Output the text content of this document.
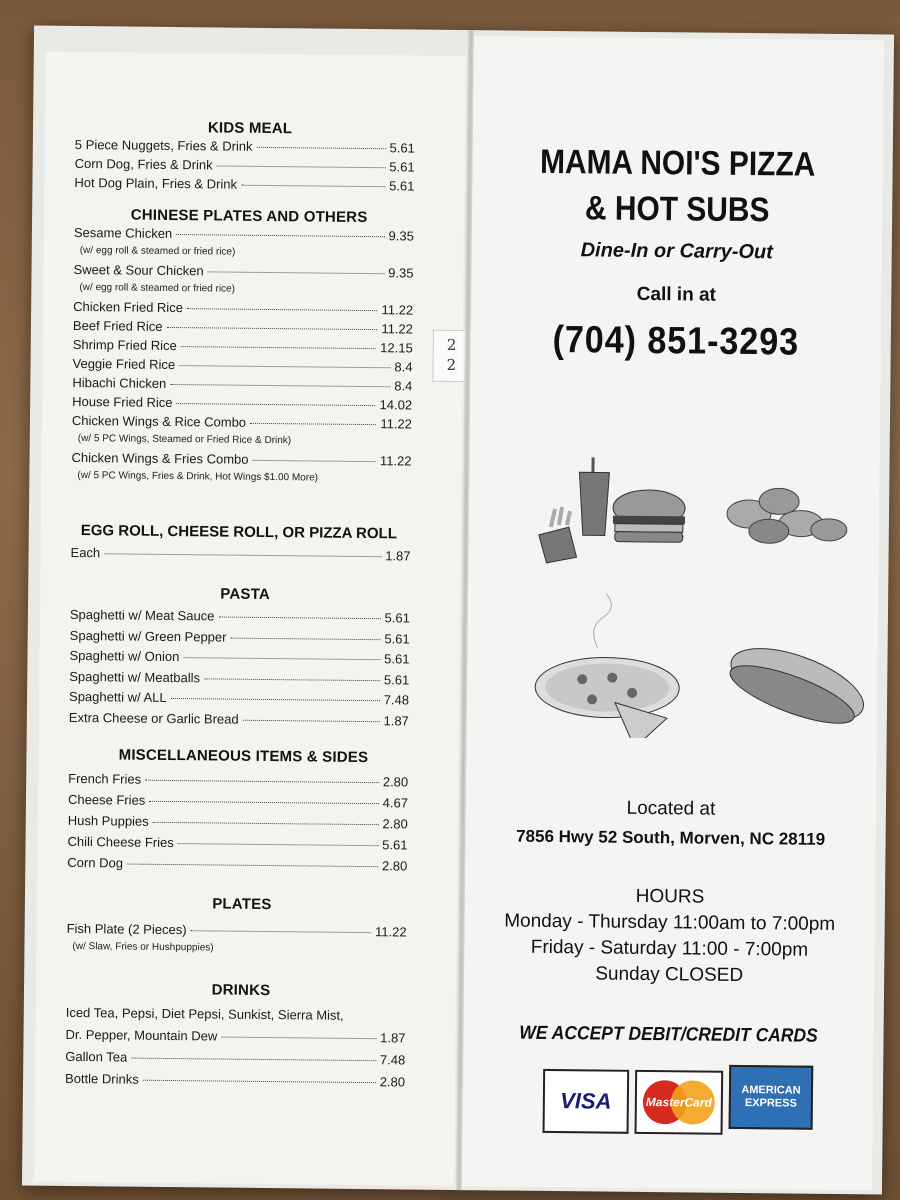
KIDS MEAL
5 Piece Nuggets, Fries & Drink	5.61
Corn Dog, Fries & Drink	5.61
Hot Dog Plain, Fries & Drink	5.61
CHINESE PLATES AND OTHERS
Sesame Chicken	9.35
(w/ egg roll & steamed or fried rice)
Sweet & Sour Chicken	9.35
(w/ egg roll & steamed or fried rice)
Chicken Fried Rice	11.22
Beef Fried Rice	11.22
Shrimp Fried Rice	12.15
Veggie Fried Rice	8.4
Hibachi Chicken	8.4
House Fried Rice	14.02
Chicken Wings & Rice Combo	11.22
(w/ 5 PC Wings, Steamed or Fried Rice & Drink)
Chicken Wings & Fries Combo	11.22
(w/ 5 PC Wings, Fries & Drink, Hot Wings $1.00 More)
EGG ROLL, CHEESE ROLL, OR PIZZA ROLL
Each	1.87
PASTA
Spaghetti w/ Meat Sauce	5.61
Spaghetti w/ Green Pepper	5.61
Spaghetti w/ Onion	5.61
Spaghetti w/ Meatballs	5.61
Spaghetti w/ ALL	7.48
Extra Cheese or Garlic Bread	1.87
MISCELLANEOUS ITEMS & SIDES
French Fries	2.80
Cheese Fries	4.67
Hush Puppies	2.80
Chili Cheese Fries	5.61
Corn Dog	2.80
PLATES
Fish Plate (2 Pieces)	11.22
(w/ Slaw, Fries or Hushpuppies)
DRINKS
Iced Tea, Pepsi, Diet Pepsi, Sunkist, Sierra Mist,
Dr. Pepper, Mountain Dew	1.87
Gallon Tea	7.48
Bottle Drinks	2.80
2
2
MAMA NOI'S PIZZA
& HOT SUBS
Dine-In or Carry-Out
Call in at
(704) 851-3293
Located at
7856 Hwy 52 South, Morven, NC 28119
HOURS
Monday - Thursday 11:00am to 7:00pm
Friday - Saturday 11:00 - 7:00pm
Sunday CLOSED
WE ACCEPT DEBIT/CREDIT CARDS
VISA	MasterCard
AMERICAN
EXPRESS
